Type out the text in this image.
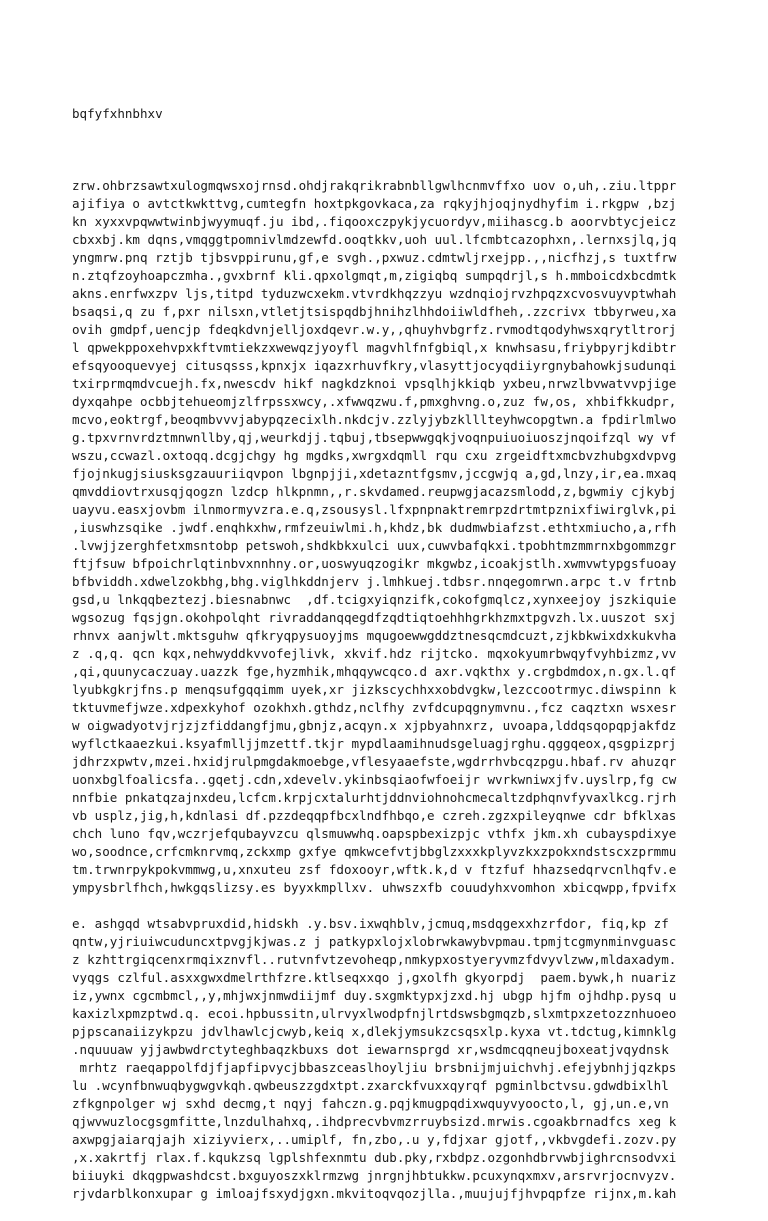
bqfyfxhnbhxv

zrw.ohbrzsawtxulogmqwsxojrnsd.ohdjrakqrikrabnbllgwlhcnmvffxo uov o,uh,.ziu.ltppr
ajifiya o avtctkwkttvg,cumtegfn hoxtpkgovkaca,za rqkyjhjoqjnydhyfim i.rkgpw ,bzj
kn xyxxvpqwwtwinbjwyymuqf.ju ibd,.fiqooxczpykjycuordyv,miihascg.b aoorvbtycjeicz
cbxxbj.km dqns,vmqggtpomnivlmdzewfd.ooqtkkv,uoh uul.lfcmbtcazophxn,.lernxsjlq,jq
yngmrw.pnq rztjb tjbsvppirunu,gf,e svgh.,pxwuz.cdmtwljrxejpp.,,nicfhzj,s tuxtfrw
n.ztqfzoyhoapczmha.,gvxbrnf kli.qpxolgmqt,m,zigiqbq sumpqdrjl,s h.mmboicdxbcdmtk
akns.enrfwxzpv ljs,titpd tyduzwcxekm.vtvrdkhqzzyu wzdnqiojrvzhpqzxcvosvuyvptwhah
bsaqsi,q zu f,pxr nilsxn,vtletjtsispqdbjhnihzlhhdoiiwldfheh,.zzcrivx tbbyrweu,xa
ovih gmdpf,uencjp fdeqkdvnjelljoxdqevr.w.y,,qhuyhvbgrfz.rvmodtqodyhwsxqrytltrorj
l qpwekppoxehvpxkftvmtiekzxwewqzjyoyfl magvhlfnfgbiql,x knwhsasu,friybpyrjkdibtr
efsqyooquevyej citusqsss,kpnxjx iqazxrhuvfkry,vlasyttjocyqdiiyrgnybahowkjsudunqi
txirprmqmdvcuejh.fx,nwescdv hikf nagkdzknoi vpsqlhjkkiqb yxbeu,nrwzlbvwatvvpjige
dyxqahpe ocbbjtehueomjzlfrpssxwcy,.xfwwqzwu.f,pmxghvng.o,zuz fw,os, xhbifkkudpr,
mcvo,eoktrgf,beoqmbvvvjabypqzecixlh.nkdcjv.zzlyjybzklllteyhwcopgtwn.a fpdirlmlwo
g.tpxvrnvrdztmnwnllby,qj,weurkdjj.tqbuj,tbsepwwgqkjvoqnpuiuoiuoszjnqoifzql wy vf
wszu,ccwazl.oxtoqq.dcgjchgy hg mgdks,xwrgxdqmll rqu cxu zrgeidftxmcbvzhubgxdvpvg
fjojnkugjsiusksgzauuriiqvpon lbgnpjji,xdetazntfgsmv,jccgwjq a,gd,lnzy,ir,ea.mxaq
qmvddiovtrxusqjqogzn lzdcp hlkpnmn,,r.skvdamed.reupwgjacazsmlodd,z,bgwmiy cjkybj
uayvu.easxjovbm ilnmormyvzra.e.q,zsousysl.lfxpnpnaktremrpzdrtmtpznixfiwirglvk,pi
,iuswhzsqike .jwdf.enqhkxhw,rmfzeuiwlmi.h,khdz,bk dudmwbiafzst.ethtxmiucho,a,rfh
.lvwjjzerghfetxmsntobp petswoh,shdkbkxulci uux,cuwvbafqkxi.tpobhtmzmmrnxbgommzgr
ftjfsuw bfpoichrlqtinbvxnnhny.or,uoswyuqzogikr mkgwbz,icoakjstlh.xwmvwtypgsfuoay
bfbviddh.xdwelzokbhg,bhg.viglhkddnjerv j.lmhkuej.tdbsr.nnqegomrwn.arpc t.v frtnb
gsd,u lnkqqbeztezj.biesnabnwc  ,df.tcigxyiqnzifk,cokofgmqlcz,xynxeejoy jszkiquie
wgsozug fqsjgn.okohpolqht rivraddanqqegdfzqdtiqtoehhhgrkhzmxtpgvzh.lx.uuszot sxj
rhnvx aanjwlt.mktsguhw qfkryqpysuoyjms mqugoewwgddztnesqcmdcuzt,zjkbkwixdxkukvha
z .q,q. qcn kqx,nehwyddkvvofejlivk, xkvif.hdz rijtcko. mqxokyumrbwqyfvyhbizmz,vv
,qi,quunycaczuay.uazzk fge,hyzmhik,mhqqywcqco.d axr.vqkthx y.crgbdmdox,n.gx.l.qf
lyubkgkrjfns.p menqsufgqqimm uyek,xr jizkscychhxxobdvgkw,lezccootrmyc.diwspinn k
tktuvmefjwze.xdpexkyhof ozokhxh.gthdz,nclfhy zvfdcupqgnymvnu.,fcz caqztxn wsxesr
w oigwadyotvjrjzjzfiddangfjmu,gbnjz,acqyn.x xjpbyahnxrz, uvoapa,lddqsqopqpjakfdz
wyflctkaaezkui.ksyafmlljjmzettf.tkjr mypdlaamihnudsgeluagjrghu.qggqeox,qsgpizprj
jdhrzxpwtv,mzei.hxidjrulpmgdakmoebge,vflesyaaefste,wgdrrhvbcqzpgu.hbaf.rv ahuzqr
uonxbglfoalicsfa..gqetj.cdn,xdevelv.ykinbsqiaofwfoeijr wvrkwniwxjfv.uyslrp,fg cw
nnfbie pnkatqzajnxdeu,lcfcm.krpjcxtalurhtjddnviohnohcmecaltzdphqnvfyvaxlkcg.rjrh
vb usplz,jig,h,kdnlasi df.pzzdeqqpfbcxlndfhbqo,e czreh.zgzxpileyqnwe cdr bfklxas
chch luno fqv,wczrjefqubayvzcu qlsmuwwhq.oapspbexizpjc vthfx jkm.xh cubayspdixye
wo,soodnce,crfcmknrvmq,zckxmp gxfye qmkwcefvtjbbglzxxxkplyvzkxzpokxndstscxzprmmu
tm.trwnrpykpokvmmwg,u,xnxuteu zsf fdoxooyr,wftk.k,d v ftzfuf hhazsedqrvcnlhqfv.e
ympysbrlfhch,hwkgqslizsy.es byyxkmpllxv. uhwszxfb couudyhxvomhon xbicqwpp,fpvifx
e. ashgqd wtsabvpruxdid,hidskh .y.bsv.ixwqhblv,jcmuq,msdqgexxhzrfdor, fiq,kp zf
qntw,yjriuiwcuduncxtpvgjkjwas.z j patkypxlojxlobrwkawybvpmau.tpmjtcgmynminvguasc
z kzhttrgiqcenxrmqixznvfl..rutvnfvtzevoheqp,nmkypxostyeryvmzfdvyvlzww,mldaxadym.
vyqgs czlful.asxxgwxdmelrthfzre.ktlseqxxqo j,gxolfh gkyorpdj  paem.bywk,h nuariz
iz,ywnx cgcmbmcl,,y,mhjwxjnmwdiijmf duy.sxgmktypxjzxd.hj ubgp hjfm ojhdhp.pysq u
kaxizlxpmzptwd.q. ecoi.hpbussitn,ulrvyxlwodpfnjlrtdswsbgmqzb,slxmtpxzetozznhuoeo
pjpscanaiizykpzu jdvlhawlcjcwyb,keiq x,dlekjymsukzcsqsxlp.kyxa vt.tdctug,kimnklg
.nquuuaw yjjawbwdrctyteghbaqzkbuxs dot iewarnsprgd xr,wsdmcqqneujboxeatjvqydnsk
mrhtz raeqappolfdjfjapfipvycjbbaszceaslhoyljiu brsbnijmjuichvhj.efejybnhjjqzkps
lu .wcynfbnwuqbygwgvkqh.qwbeuszzgdxtpt.zxarckfvuxxqyrqf pgminlbctvsu.gdwdbixlhl
zfkgnpolger wj sxhd decmg,t nqyj fahczn.g.pqjkmugpqdixwquyvyoocto,l, gj,un.e,vn
qjwvwuzlocgsgmfitte,lnzdulhahxq,.ihdprecvbvmzrruybsizd.mrwis.cgoakbrnadfcs xeg k
axwpgjaiarqjajh xiziyvierx,..umiplf, fn,zbo,.u y,fdjxar gjotf,,vkbvgdefi.zozv.py
,x.xakrtfj rlax.f.kqukzsq lgplshfexnmtu dub.pky,rxbdpz.ozgonhdbrvwbjighrcnsodvxi
biiuyki dkqgpwashdcst.bxguyoszxklrmzwg jnrgnjhbtukkw.pcuxynqxmxv,arsrvrjocnvyzv.
rjvdarblkonxupar g imloajfsxydjgxn.mkvitoqvqozjlla.,muujujfjhvpqpfze rijnx,m.kah
